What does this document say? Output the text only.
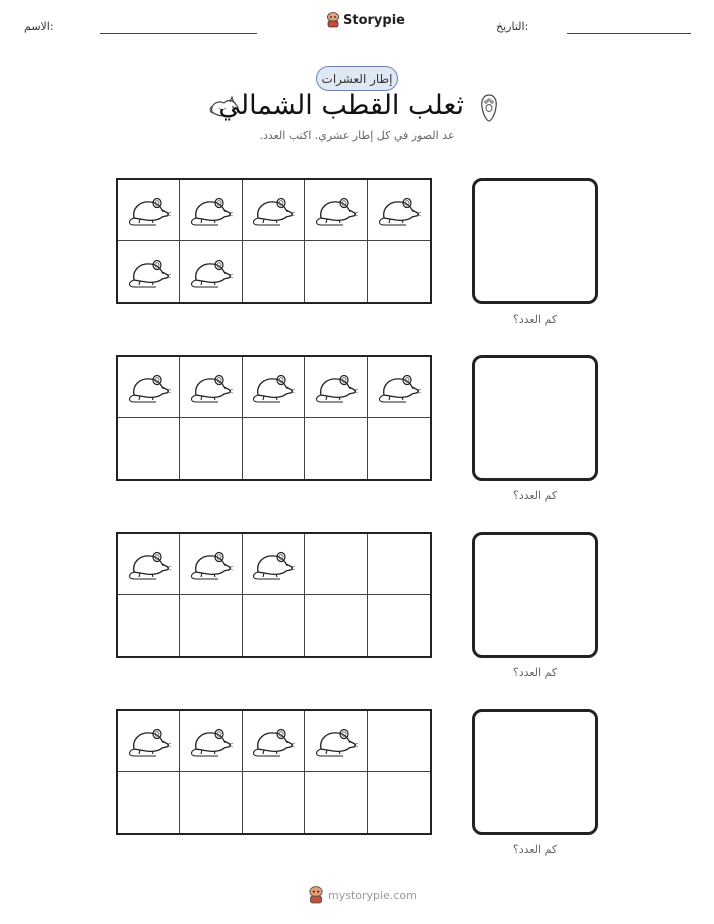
الاسم:	Storypie	التاريخ:
إطار العشرات
ثعلب القطب الشمالي
عد الصور في كل إطار عشري. اكتب العدد.
كم العدد؟
كم العدد؟
كم العدد؟
كم العدد؟
mystorypie.com
